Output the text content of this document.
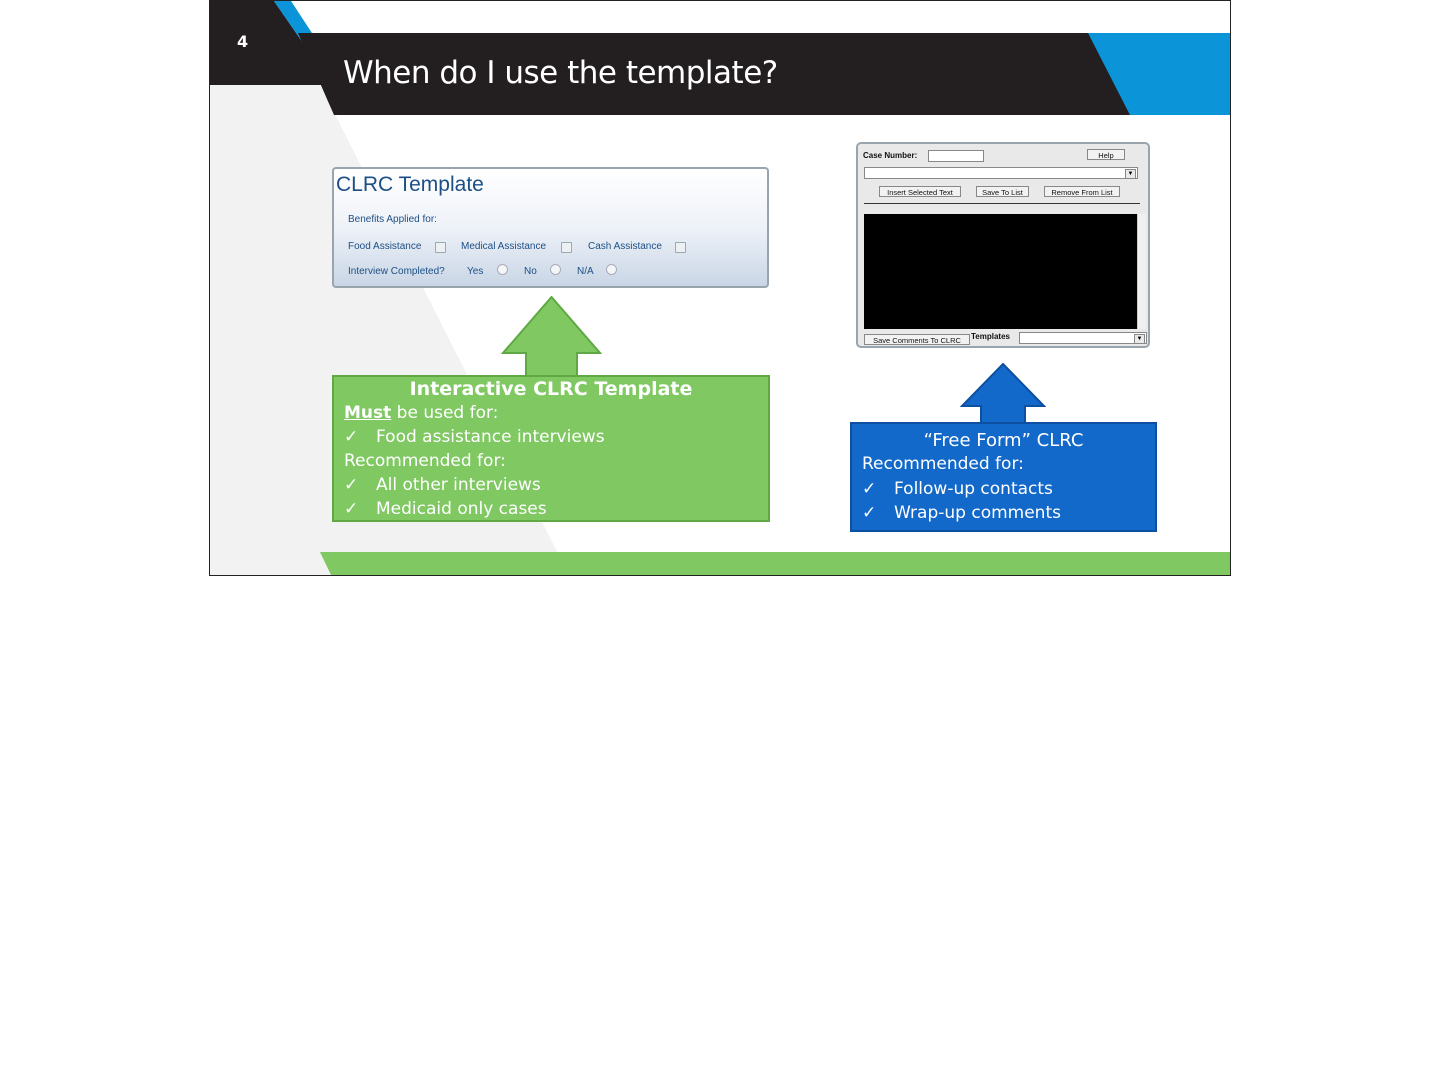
4
When do I use the template?
CLRC Template
Benefits Applied for:
Food Assistance	Medical Assistance	Cash Assistance
Interview Completed? Yes	No	N/A
Interactive CLRC Template
Must be used for:
✓ Food assistance interviews
Recommended for:
✓ All other interviews
✓ Medicaid only cases
Case Number:	Help
▼
Insert Selected Text	Save To List	Remove From List
Save Comments To CLRC	Templates	▼
“Free Form” CLRC
Recommended for:
✓ Follow-up contacts
✓ Wrap-up comments
